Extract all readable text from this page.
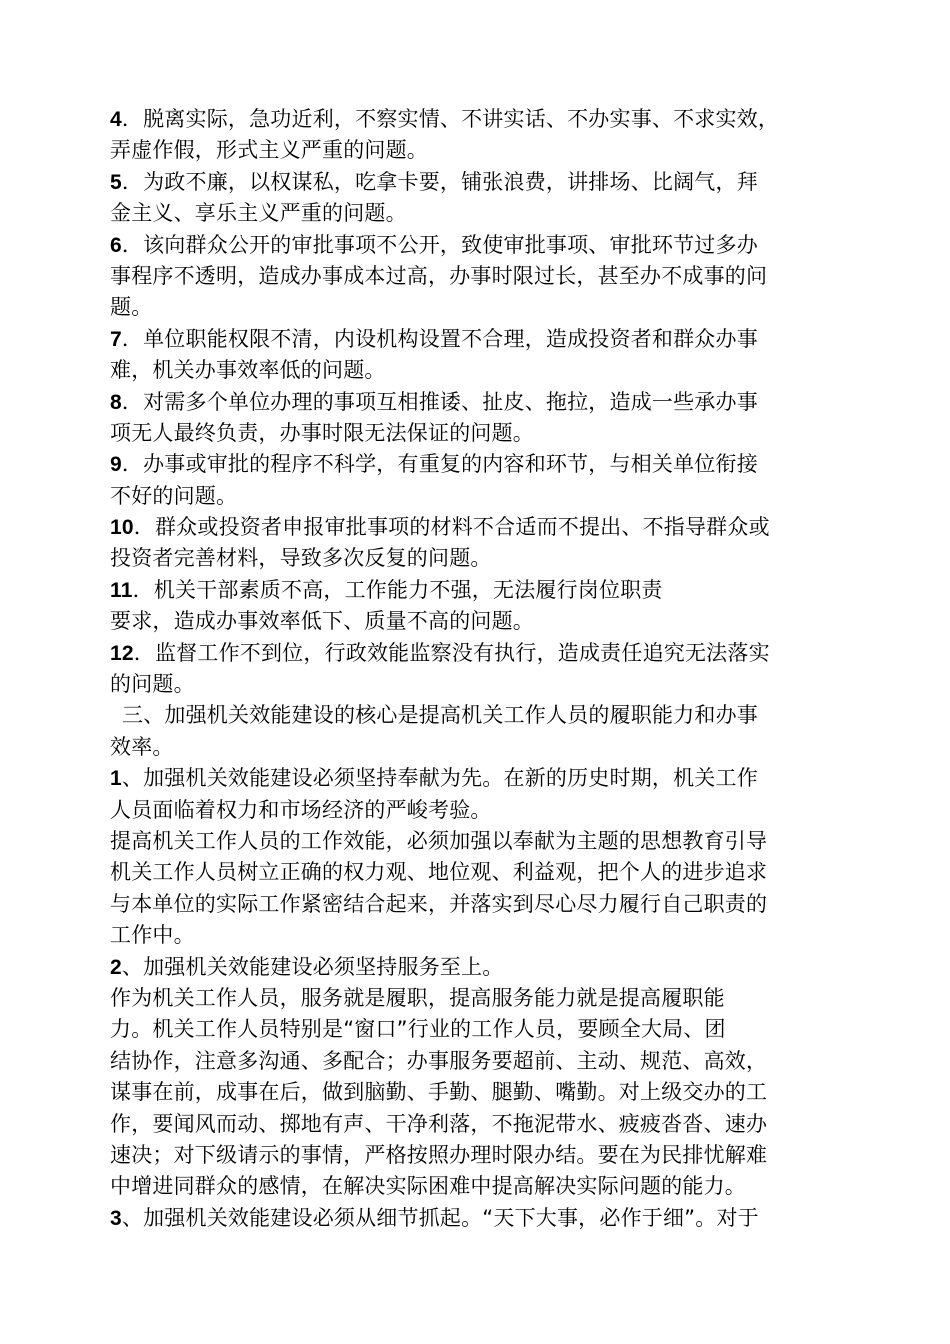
4．脱离实际，急功近利，不察实情、不讲实话、不办实事、不求实效，
弄虚作假，形式主义严重的问题。
5．为政不廉，以权谋私，吃拿卡要，铺张浪费，讲排场、比阔气，拜
金主义、享乐主义严重的问题。
6．该向群众公开的审批事项不公开，致使审批事项、审批环节过多办
事程序不透明，造成办事成本过高，办事时限过长，甚至办不成事的问
题。
7．单位职能权限不清，内设机构设置不合理，造成投资者和群众办事
难，机关办事效率低的问题。
8．对需多个单位办理的事项互相推诿、扯皮、拖拉，造成一些承办事
项无人最终负责，办事时限无法保证的问题。
9．办事或审批的程序不科学，有重复的内容和环节，与相关单位衔接
不好的问题。
10．群众或投资者申报审批事项的材料不合适而不提出、不指导群众或
投资者完善材料，导致多次反复的问题。
11．机关干部素质不高，工作能力不强，无法履行岗位职责
要求，造成办事效率低下、质量不高的问题。
12．监督工作不到位，行政效能监察没有执行，造成责任追究无法落实
的问题。
三、加强机关效能建设的核心是提高机关工作人员的履职能力和办事
效率。
1、加强机关效能建设必须坚持奉献为先。在新的历史时期，机关工作
人员面临着权力和市场经济的严峻考验。
提高机关工作人员的工作效能，必须加强以奉献为主题的思想教育引导
机关工作人员树立正确的权力观、地位观、利益观，把个人的进步追求
与本单位的实际工作紧密结合起来，并落实到尽心尽力履行自己职责的
工作中。
2、加强机关效能建设必须坚持服务至上。
作为机关工作人员，服务就是履职，提高服务能力就是提高履职能
力。机关工作人员特别是“窗口”行业的工作人员，要顾全大局、团
结协作，注意多沟通、多配合；办事服务要超前、主动、规范、高效，
谋事在前，成事在后，做到脑勤、手勤、腿勤、嘴勤。对上级交办的工
作，要闻风而动、掷地有声、干净利落，不拖泥带水、疲疲沓沓、速办
速决；对下级请示的事情，严格按照办理时限办结。要在为民排忧解难
中增进同群众的感情，在解决实际困难中提高解决实际问题的能力。
3、加强机关效能建设必须从细节抓起。“天下大事，必作于细”。对于
